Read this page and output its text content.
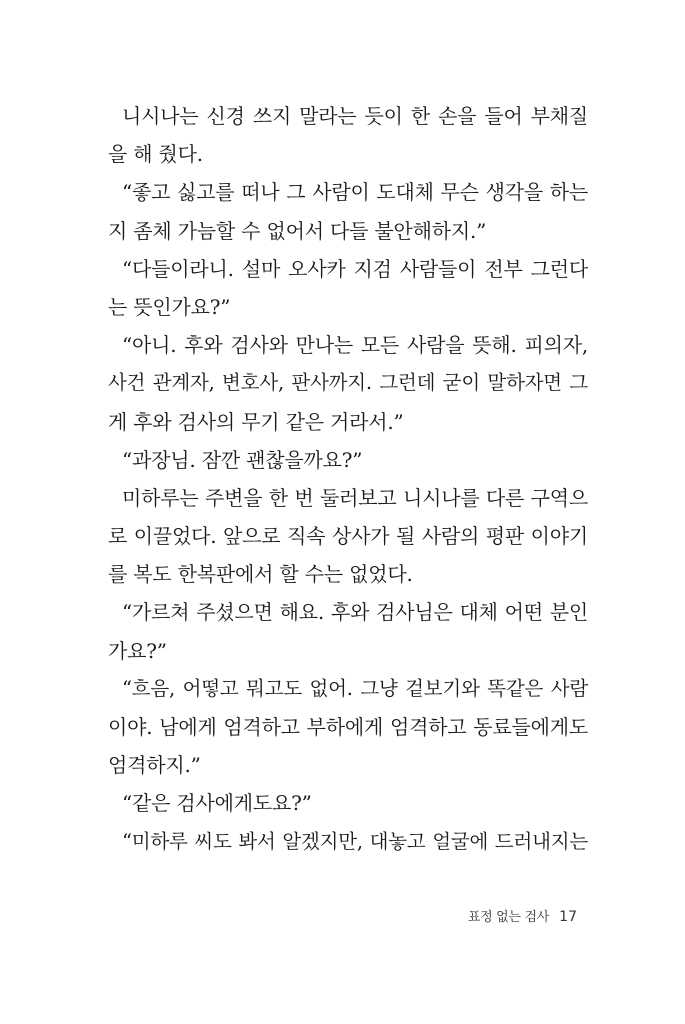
니시나는 신경 쓰지 말라는 듯이 한 손을 들어 부채질
을 해 줬다.
“좋고 싫고를 떠나 그 사람이 도대체 무슨 생각을 하는
지 좀체 가늠할 수 없어서 다들 불안해하지.”
“다들이라니. 설마 오사카 지검 사람들이 전부 그런다
는 뜻인가요?”
“아니. 후와 검사와 만나는 모든 사람을 뜻해. 피의자,
사건 관계자, 변호사, 판사까지. 그런데 굳이 말하자면 그
게 후와 검사의 무기 같은 거라서.”
“과장님. 잠깐 괜찮을까요?”
미하루는 주변을 한 번 둘러보고 니시나를 다른 구역으
로 이끌었다. 앞으로 직속 상사가 될 사람의 평판 이야기
를 복도 한복판에서 할 수는 없었다.
“가르쳐 주셨으면 해요. 후와 검사님은 대체 어떤 분인
가요?”
“흐음, 어떻고 뭐고도 없어. 그냥 겉보기와 똑같은 사람
이야. 남에게 엄격하고 부하에게 엄격하고 동료들에게도
엄격하지.”
“같은 검사에게도요?”
“미하루 씨도 봐서 알겠지만, 대놓고 얼굴에 드러내지는
표정 없는 검사 17
